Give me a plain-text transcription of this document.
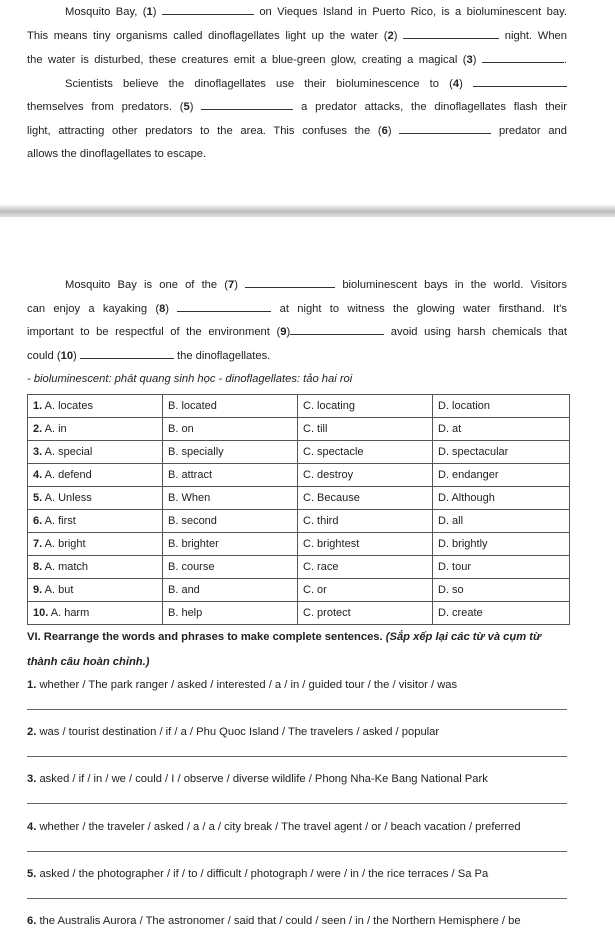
Mosquito Bay, (1)	on Vieques Island in Puerto Rico, is a bioluminescent bay.
This means tiny organisms called dinoflagellates light up the water (2)	night. When
the water is disturbed, these creatures emit a blue-green glow, creating a magical (3)	.
Scientists believe the dinoflagellates use their bioluminescence to (4)
themselves from predators. (5)	a predator attacks, the dinoflagellates flash their
light, attracting other predators to the area. This confuses the (6)	predator and
allows the dinoflagellates to escape.
Mosquito Bay is one of the (7)	bioluminescent bays in the world. Visitors
can enjoy a kayaking (8)	at night to witness the glowing water firsthand. It's
important to be respectful of the environment (9)	avoid using harsh chemicals that
could (10)	the dinoflagellates.
- bioluminescent: phát quang sinh học - dinoflagellates: tảo hai roi
1. A. locates	B. located	C. locating	D. location
2. A. in	B. on	C. till	D. at
3. A. special	B. specially	C. spectacle	D. spectacular
4. A. defend	B. attract	C. destroy	D. endanger
5. A. Unless	B. When	C. Because	D. Although
6. A. first	B. second	C. third	D. all
7. A. bright	B. brighter	C. brightest	D. brightly
8. A. match	B. course	C. race	D. tour
9. A. but	B. and	C. or	D. so
10. A. harm	B. help	C. protect	D. create
VI. Rearrange the words and phrases to make complete sentences. (Sắp xếp lại các từ và cụm từ
thành câu hoàn chỉnh.)
1. whether / The park ranger / asked / interested / a / in / guided tour / the / visitor / was
2. was / tourist destination / if / a / Phu Quoc Island / The travelers / asked / popular
3. asked / if / in / we / could / I / observe / diverse wildlife / Phong Nha-Ke Bang National Park
4. whether / the traveler / asked / a / a / city break / The travel agent / or / beach vacation / preferred
5. asked / the photographer / if / to / difficult / photograph / were / in / the rice terraces / Sa Pa
6. the Australis Aurora / The astronomer / said that / could / seen / in / the Northern Hemisphere / be
